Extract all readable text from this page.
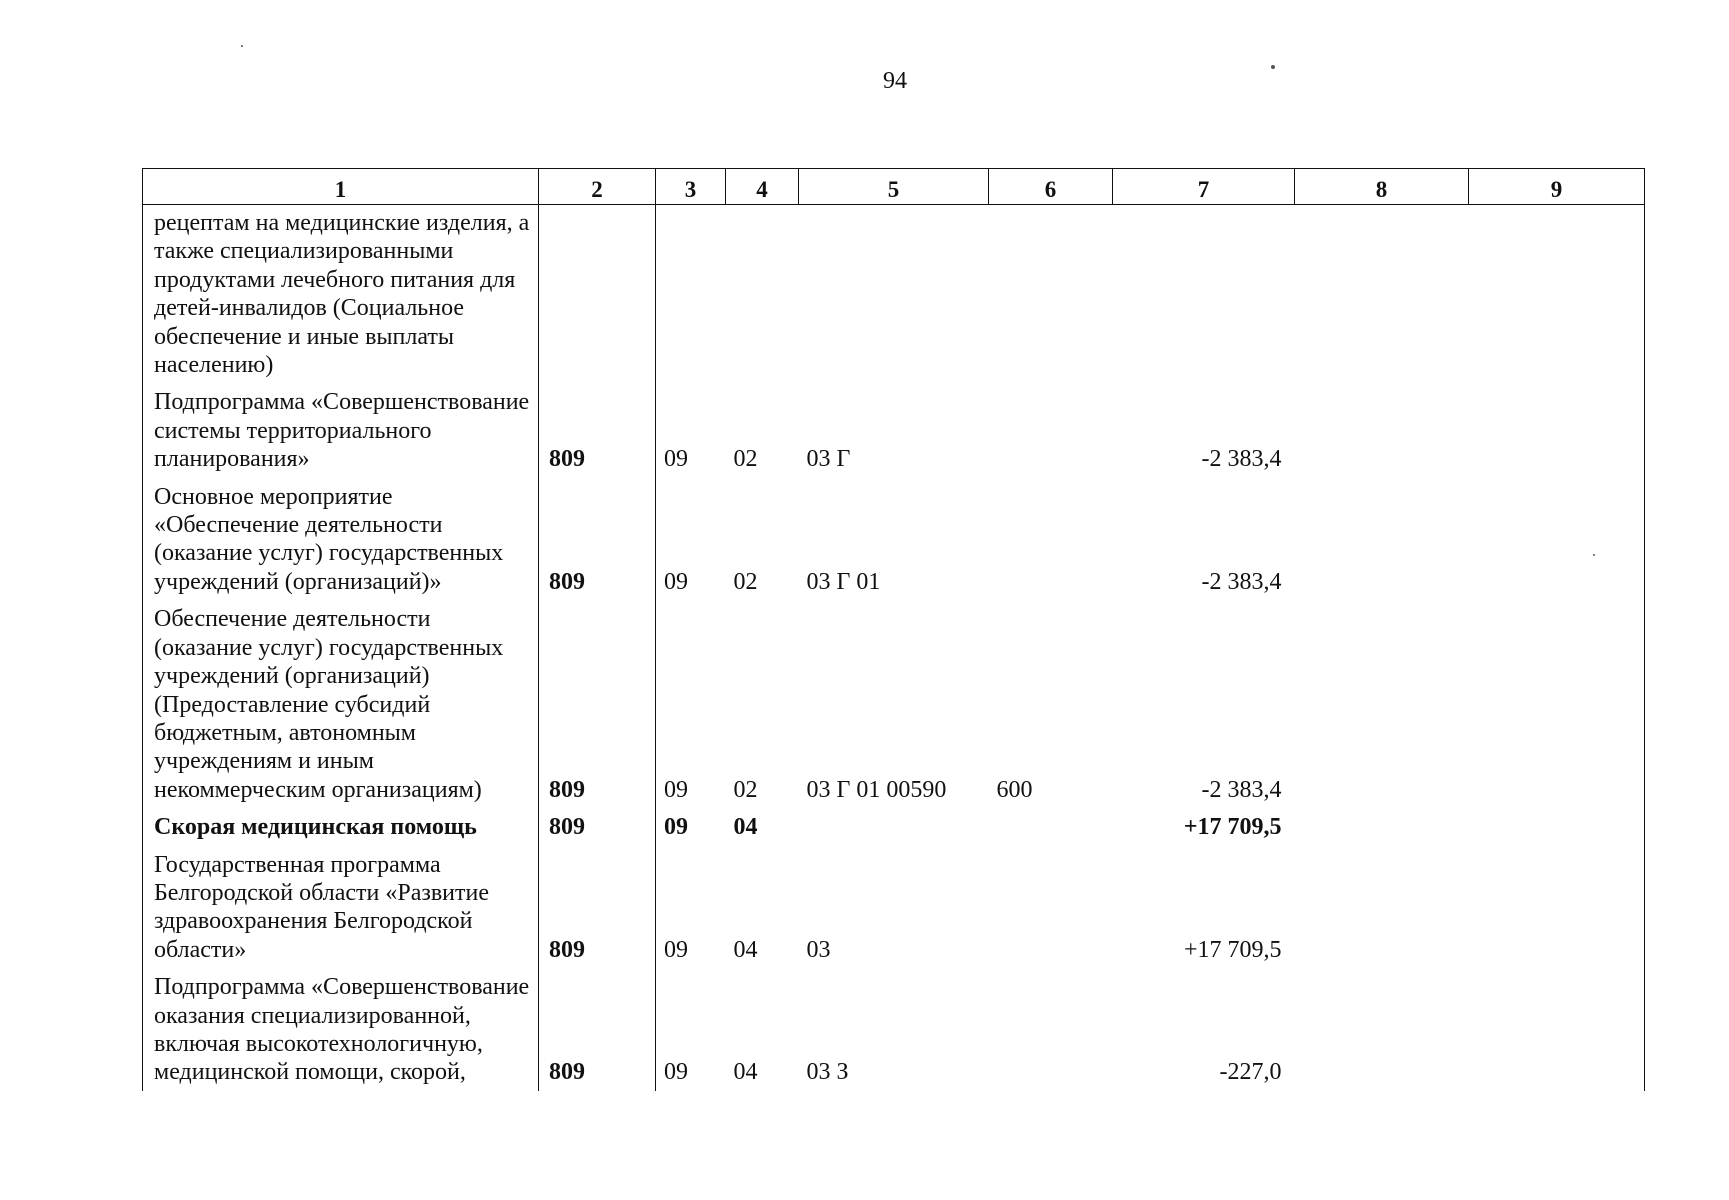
94
1	2	3	4	5	6	7	8	9
рецептам на медицинские изделия, а также специализированными продуктами лечебного питания для детей-инвалидов (Социальное обеспечение и иные выплаты населению)								
Подпрограмма «Совершенствование системы территориального планирования»	809	09	02	03 Г		-2 383,4		
Основное мероприятие «Обеспечение деятельности (оказание услуг) государственных учреждений (организаций)»	809	09	02	03 Г 01		-2 383,4		
Обеспечение деятельности (оказание услуг) государственных учреждений (организаций) (Предоставление субсидий бюджетным, автономным учреждениям и иным некоммерческим организациям)	809	09	02	03 Г 01 00590	600	-2 383,4		
Скорая медицинская помощь	809	09	04			+17 709,5		
Государственная программа Белгородской области «Развитие здравоохранения Белгородской области»	809	09	04	03		+17 709,5		
Подпрограмма «Совершенствование оказания специализированной, включая высокотехнологичную, медицинской помощи, скорой,	809	09	04	03 З		-227,0		
